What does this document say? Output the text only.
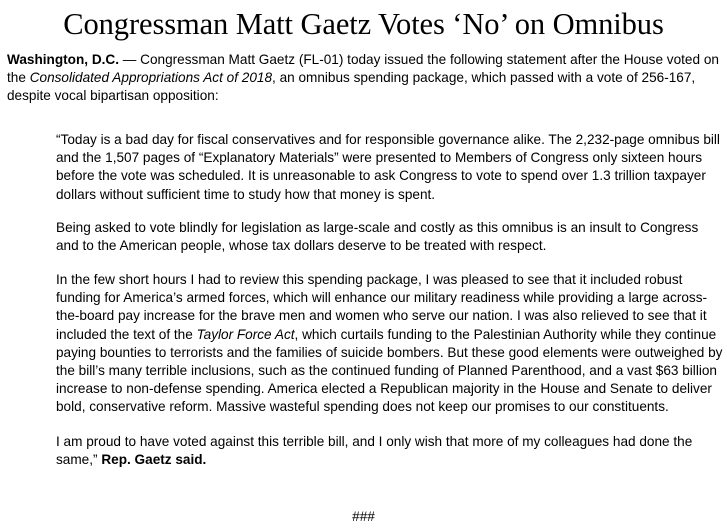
Congressman Matt Gaetz Votes ‘No’ on Omnibus

Washington, D.C. — Congressman Matt Gaetz (FL-01) today issued the following statement after the House voted on the Consolidated Appropriations Act of 2018, an omnibus spending package, which passed with a vote of 256-167, despite vocal bipartisan opposition:

“Today is a bad day for fiscal conservatives and for responsible governance alike. The 2,232-page omnibus bill and the 1,507 pages of “Explanatory Materials” were presented to Members of Congress only sixteen hours before the vote was scheduled. It is unreasonable to ask Congress to vote to spend over 1.3 trillion taxpayer dollars without sufficient time to study how that money is spent.

Being asked to vote blindly for legislation as large-scale and costly as this omnibus is an insult to Congress and to the American people, whose tax dollars deserve to be treated with respect.

In the few short hours I had to review this spending package, I was pleased to see that it included robust funding for America’s armed forces, which will enhance our military readiness while providing a large across-the-board pay increase for the brave men and women who serve our nation. I was also relieved to see that it included the text of the Taylor Force Act, which curtails funding to the Palestinian Authority while they continue paying bounties to terrorists and the families of suicide bombers. But these good elements were outweighed by the bill’s many terrible inclusions, such as the continued funding of Planned Parenthood, and a vast $63 billion increase to non-defense spending. America elected a Republican majority in the House and Senate to deliver bold, conservative reform. Massive wasteful spending does not keep our promises to our constituents.

I am proud to have voted against this terrible bill, and I only wish that more of my colleagues had done the same,” Rep. Gaetz said.

###
